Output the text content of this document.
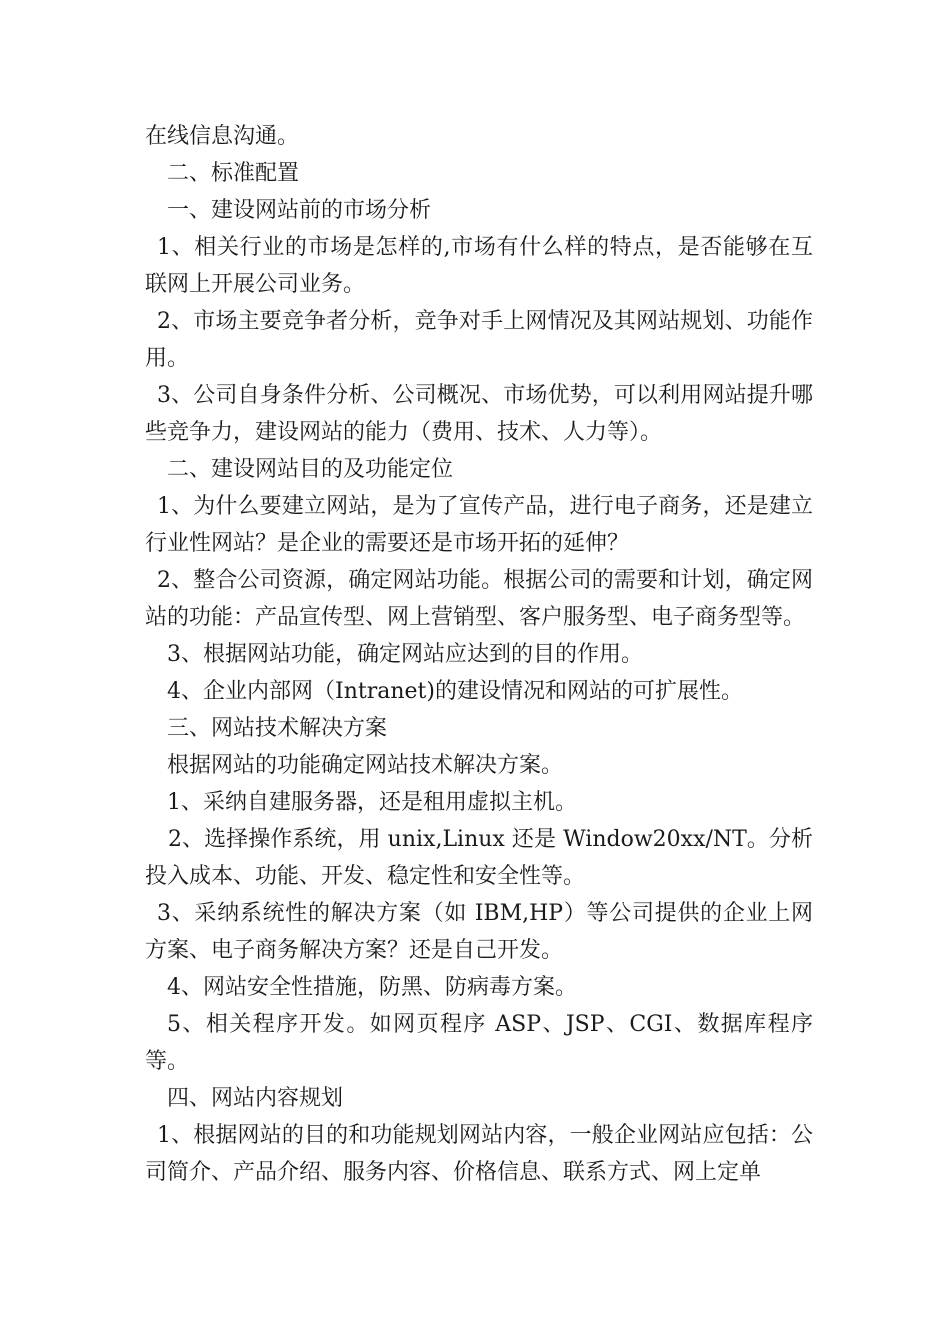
在线信息沟通。

二、标准配置

一、建设网站前的市场分析

1、相关行业的市场是怎样的,市场有什么样的特点，是否能够在互联网上开展公司业务。

2、市场主要竞争者分析，竞争对手上网情况及其网站规划、功能作用。

3、公司自身条件分析、公司概况、市场优势，可以利用网站提升哪些竞争力，建设网站的能力（费用、技术、人力等）。

二、建设网站目的及功能定位

1、为什么要建立网站，是为了宣传产品，进行电子商务，还是建立行业性网站？是企业的需要还是市场开拓的延伸？

2、整合公司资源，确定网站功能。根据公司的需要和计划，确定网站的功能：产品宣传型、网上营销型、客户服务型、电子商务型等。

3、根据网站功能，确定网站应达到的目的作用。

4、企业内部网（Intranet)的建设情况和网站的可扩展性。

三、网站技术解决方案

根据网站的功能确定网站技术解决方案。

1、采纳自建服务器，还是租用虚拟主机。

2、选择操作系统，用 unix,Linux 还是 Window20xx/NT。分析投入成本、功能、开发、稳定性和安全性等。

3、采纳系统性的解决方案（如 IBM,HP）等公司提供的企业上网方案、电子商务解决方案？还是自己开发。

4、网站安全性措施，防黑、防病毒方案。

5、相关程序开发。如网页程序 ASP、JSP、CGI、数据库程序等。

四、网站内容规划

1、根据网站的目的和功能规划网站内容，一般企业网站应包括：公司简介、产品介绍、服务内容、价格信息、联系方式、网上定单
